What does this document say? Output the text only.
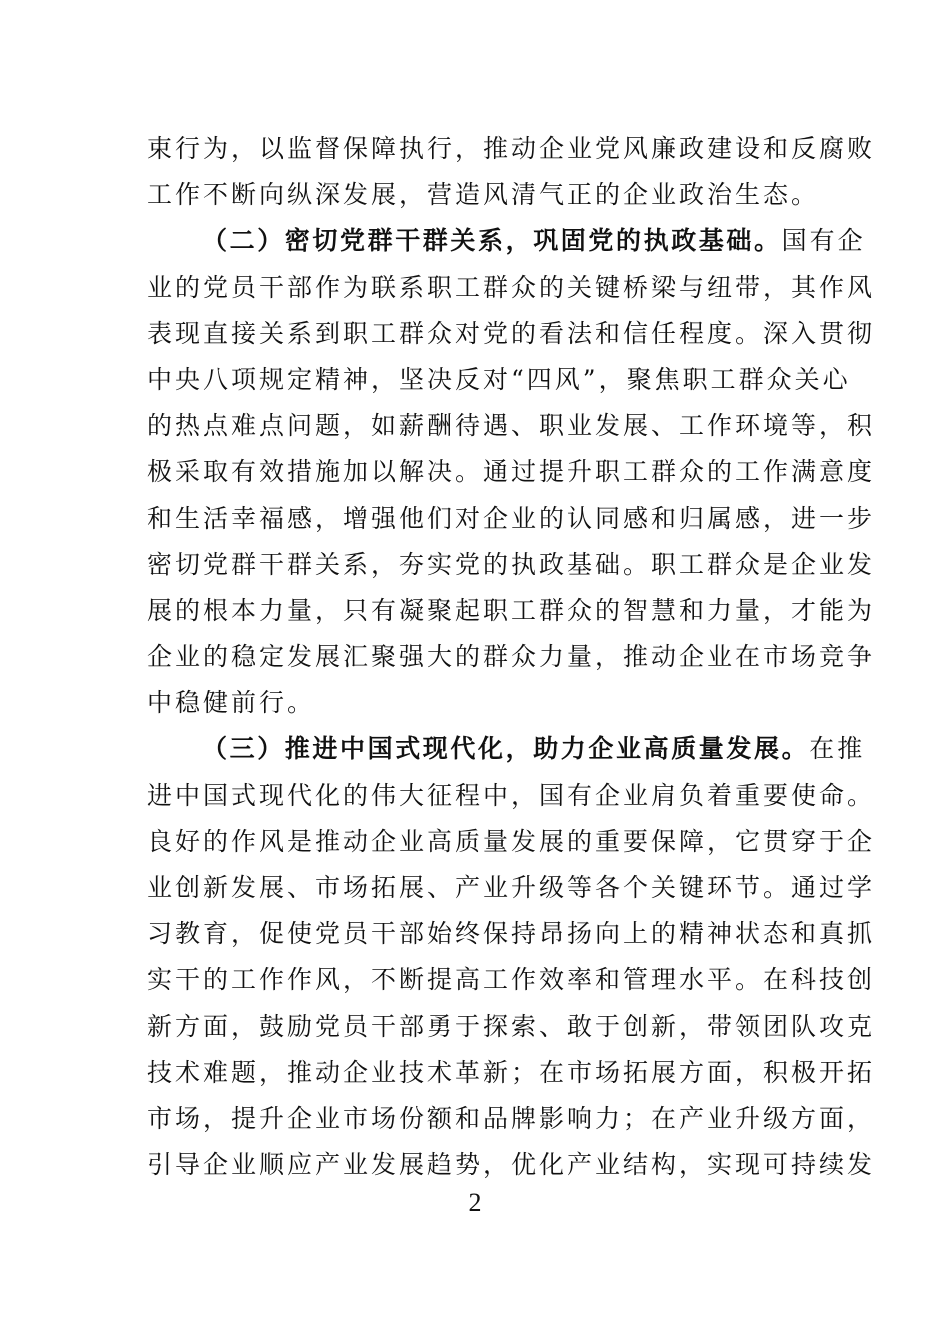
束行为，以监督保障执行，推动企业党风廉政建设和反腐败
工作不断向纵深发展，营造风清气正的企业政治生态。
（二）密切党群干群关系，巩固党的执政基础。国有企
业的党员干部作为联系职工群众的关键桥梁与纽带，其作风
表现直接关系到职工群众对党的看法和信任程度。深入贯彻
中央八项规定精神，坚决反对“四风”，聚焦职工群众关心
的热点难点问题，如薪酬待遇、职业发展、工作环境等，积
极采取有效措施加以解决。通过提升职工群众的工作满意度
和生活幸福感，增强他们对企业的认同感和归属感，进一步
密切党群干群关系，夯实党的执政基础。职工群众是企业发
展的根本力量，只有凝聚起职工群众的智慧和力量，才能为
企业的稳定发展汇聚强大的群众力量，推动企业在市场竞争
中稳健前行。
（三）推进中国式现代化，助力企业高质量发展。在推
进中国式现代化的伟大征程中，国有企业肩负着重要使命。
良好的作风是推动企业高质量发展的重要保障，它贯穿于企
业创新发展、市场拓展、产业升级等各个关键环节。通过学
习教育，促使党员干部始终保持昂扬向上的精神状态和真抓
实干的工作作风，不断提高工作效率和管理水平。在科技创
新方面，鼓励党员干部勇于探索、敢于创新，带领团队攻克
技术难题，推动企业技术革新；在市场拓展方面，积极开拓
市场，提升企业市场份额和品牌影响力；在产业升级方面，
引导企业顺应产业发展趋势，优化产业结构，实现可持续发
2
